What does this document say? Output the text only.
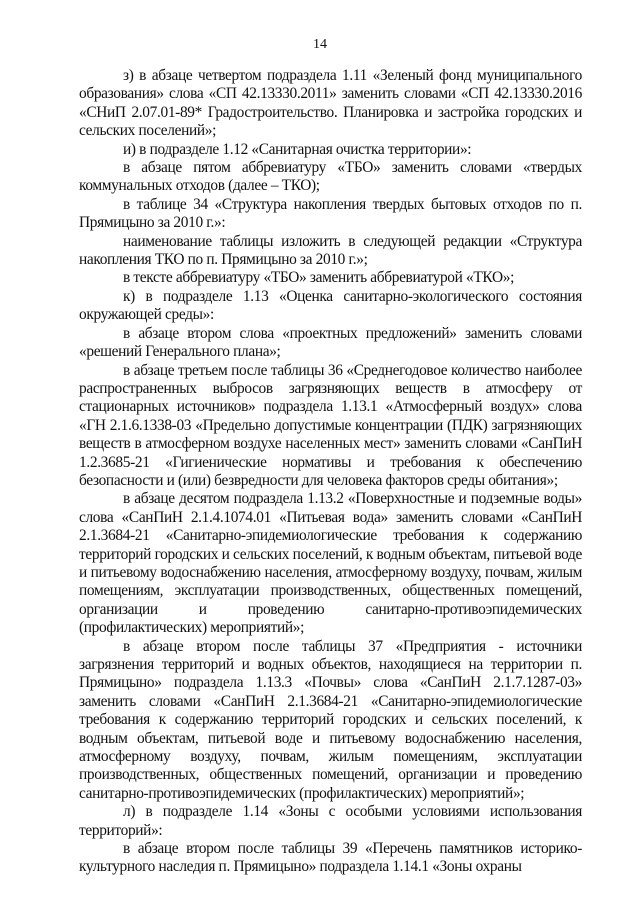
14

з) в абзаце четвертом подраздела 1.11 «Зеленый фонд муниципального образования» слова «СП 42.13330.2011» заменить словами «СП 42.13330.2016 «СНиП 2.07.01-89* Градостроительство. Планировка и застройка городских и сельских поселений»;

и) в подразделе 1.12 «Санитарная очистка территории»:

в абзаце пятом аббревиатуру «ТБО» заменить словами «твердых коммунальных отходов (далее – ТКО);

в таблице 34 «Структура накопления твердых бытовых отходов по п. Прямицыно за 2010 г.»:

наименование таблицы изложить в следующей редакции «Структура накопления ТКО по п. Прямицыно за 2010 г.»;

в тексте аббревиатуру «ТБО» заменить аббревиатурой «ТКО»;

к) в подразделе 1.13 «Оценка санитарно-экологического состояния окружающей среды»:

в абзаце втором слова «проектных предложений» заменить словами «решений Генерального плана»;

в абзаце третьем после таблицы 36 «Среднегодовое количество наиболее распространенных выбросов загрязняющих веществ в атмосферу от стационарных источников» подраздела 1.13.1 «Атмосферный воздух» слова «ГН 2.1.6.1338-03 «Предельно допустимые концентрации (ПДК) загрязняющих веществ в атмосферном воздухе населенных мест» заменить словами «СанПиН 1.2.3685-21 «Гигиенические нормативы и требования к обеспечению безопасности и (или) безвредности для человека факторов среды обитания»;

в абзаце десятом подраздела 1.13.2 «Поверхностные и подземные воды» слова «СанПиН 2.1.4.1074.01 «Питьевая вода» заменить словами «СанПиН 2.1.3684-21 «Санитарно-эпидемиологические требования к содержанию территорий городских и сельских поселений, к водным объектам, питьевой воде и питьевому водоснабжению населения, атмосферному воздуху, почвам, жилым помещениям, эксплуатации производственных, общественных помещений, организации и проведению санитарно-противоэпидемических (профилактических) мероприятий»;

в абзаце втором после таблицы 37 «Предприятия - источники загрязнения территорий и водных объектов, находящиеся на территории п. Прямицыно» подраздела 1.13.3 «Почвы» слова «СанПиН 2.1.7.1287-03» заменить словами «СанПиН 2.1.3684-21 «Санитарно-эпидемиологические требования к содержанию территорий городских и сельских поселений, к водным объектам, питьевой воде и питьевому водоснабжению населения, атмосферному воздуху, почвам, жилым помещениям, эксплуатации производственных, общественных помещений, организации и проведению санитарно-противоэпидемических (профилактических) мероприятий»;

л) в подразделе 1.14 «Зоны с особыми условиями использования территорий»:

в абзаце втором после таблицы 39 «Перечень памятников историко-культурного наследия п. Прямицыно» подраздела 1.14.1 «Зоны охраны
